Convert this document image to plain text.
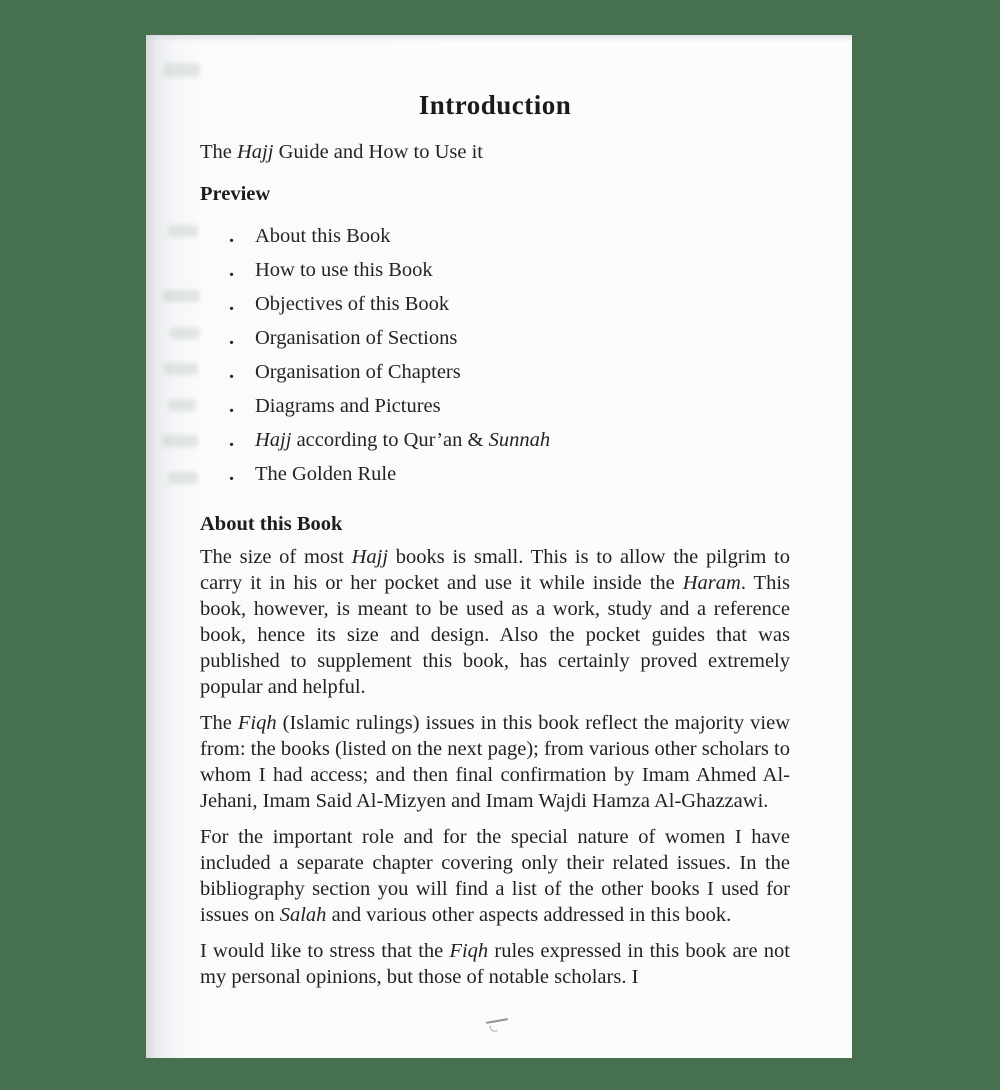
Introduction

The Hajj Guide and How to Use it

Preview
. About this Book
. How to use this Book
. Objectives of this Book
. Organisation of Sections
. Organisation of Chapters
. Diagrams and Pictures
. Hajj according to Qur’an & Sunnah
. The Golden Rule
About this Book

The size of most Hajj books is small. This is to allow the pilgrim to carry it in his or her pocket and use it while inside the Haram. This book, however, is meant to be used as a work, study and a reference book, hence its size and design. Also the pocket guides that was published to supplement this book, has certainly proved extremely popular and helpful.

The Fiqh (Islamic rulings) issues in this book reflect the majority view from: the books (listed on the next page); from various other scholars to whom I had access; and then final confirmation by Imam Ahmed Al-Jehani, Imam Said Al-Mizyen and Imam Wajdi Hamza Al-Ghazzawi.

For the important role and for the special nature of women I have included a separate chapter covering only their related issues. In the bibliography section you will find a list of the other books I used for issues on Salah and various other aspects addressed in this book.

I would like to stress that the Fiqh rules expressed in this book are not my personal opinions, but those of notable scholars. I
